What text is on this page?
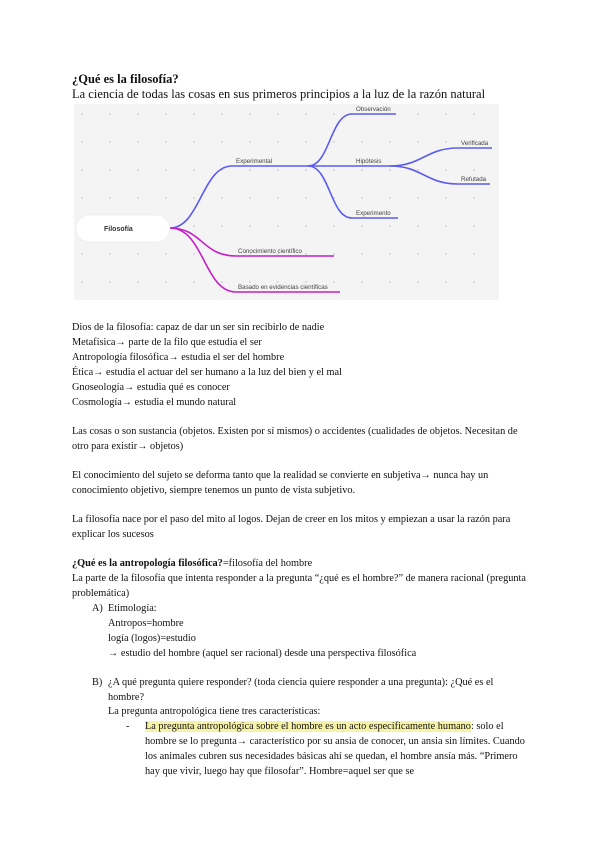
¿Qué es la filosofía?
La ciencia de todas las cosas en sus primeros principios a la luz de la razón natural
Filosofía
Experimental
Observación
Hipótesis
Verificada
Refutada
Experimento
Conocimiento científico
Basado en evidencias científicas
Dios de la filosofía: capaz de dar un ser sin recibirlo de nadie
Metafísica→ parte de la filo que estudia el ser
Antropología filosófica→ estudia el ser del hombre
Ética→ estudia el actuar del ser humano a la luz del bien y el mal
Gnoseología→ estudia qué es conocer
Cosmología→ estudia el mundo natural
Las cosas o son sustancia (objetos. Existen por sí mismos) o accidentes (cualidades de objetos. Necesitan de otro para existir→ objetos)
El conocimiento del sujeto se deforma tanto que la realidad se convierte en subjetiva→ nunca hay un conocimiento objetivo, siempre tenemos un punto de vista subjetivo.
La filosofía nace por el paso del mito al logos. Dejan de creer en los mitos y empiezan a usar la razón para explicar los sucesos
¿Qué es la antropología filosófica?=filosofía del hombre
La parte de la filosofía que intenta responder a la pregunta “¿qué es el hombre?” de manera racional (pregunta problemática)
A) Etimología:
Antropos=hombre
logía (logos)=estudio
→ estudio del hombre (aquel ser racional) desde una perspectiva filosófica
B) ¿A qué pregunta quiere responder? (toda ciencia quiere responder a una pregunta): ¿Qué es el hombre?
La pregunta antropológica tiene tres características:
- La pregunta antropológica sobre el hombre es un acto específicamente humano: solo el hombre se lo pregunta→ característico por su ansia de conocer, un ansia sin límites. Cuando los animales cubren sus necesidades básicas ahí se quedan, el hombre ansía más. “Primero hay que vivir, luego hay que filosofar”. Hombre=aquel ser que se
